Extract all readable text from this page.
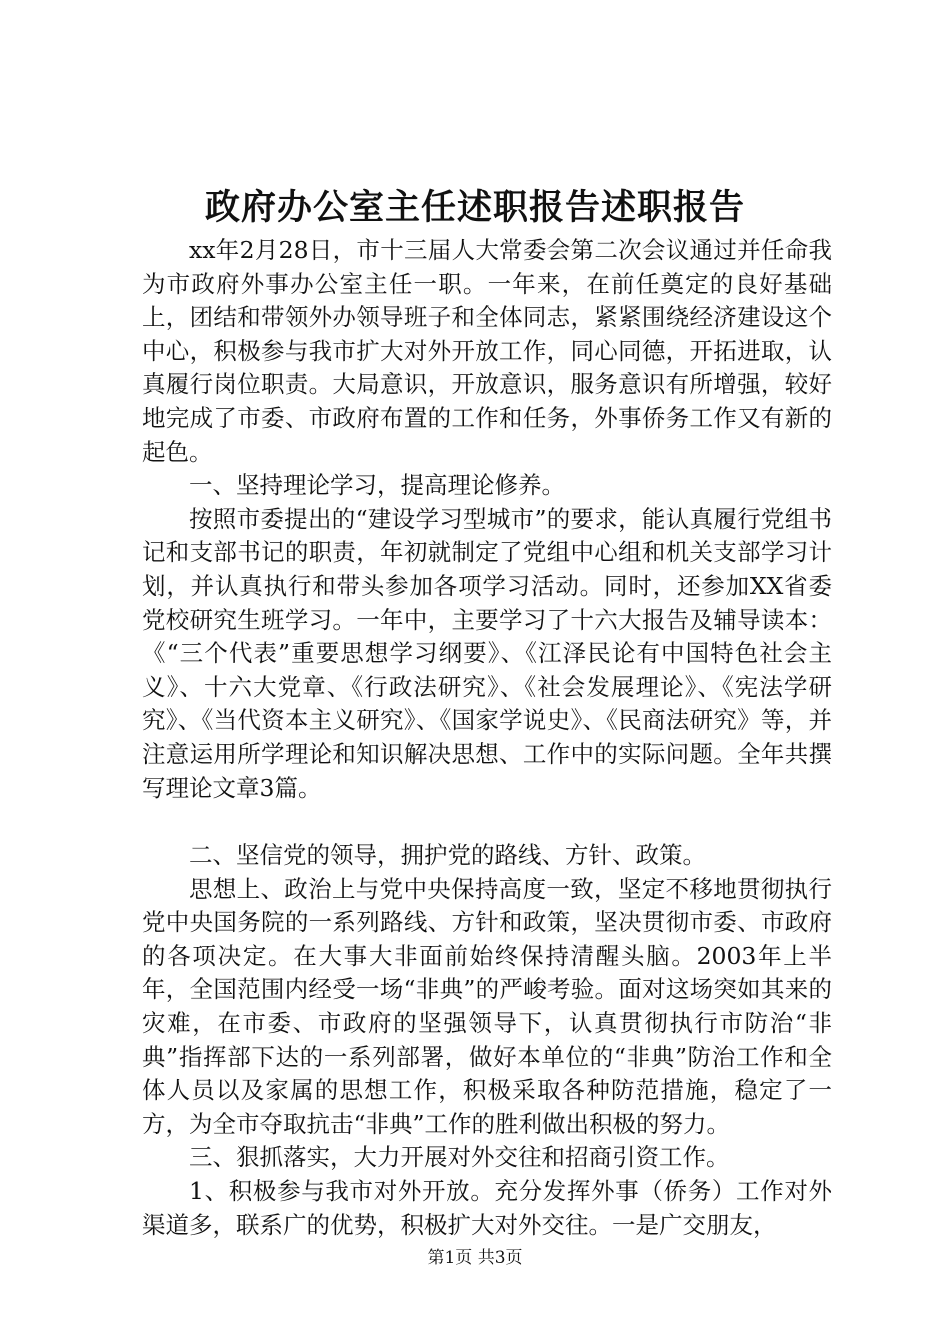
政府办公室主任述职报告述职报告

xx年2月28日，市十三届人大常委会第二次会议通过并任命我为市政府外事办公室主任一职。一年来，在前任奠定的良好基础上，团结和带领外办领导班子和全体同志，紧紧围绕经济建设这个中心，积极参与我市扩大对外开放工作，同心同德，开拓进取，认真履行岗位职责。大局意识，开放意识，服务意识有所增强，较好地完成了市委、市政府布置的工作和任务，外事侨务工作又有新的起色。

一、坚持理论学习，提高理论修养。

按照市委提出的“建设学习型城市”的要求，能认真履行党组书记和支部书记的职责，年初就制定了党组中心组和机关支部学习计划，并认真执行和带头参加各项学习活动。同时，还参加XX省委党校研究生班学习。一年中，主要学习了十六大报告及辅导读本：《“三个代表”重要思想学习纲要》、《江泽民论有中国特色社会主义》、十六大党章、《行政法研究》、《社会发展理论》、《宪法学研究》、《当代资本主义研究》、《国家学说史》、《民商法研究》等，并注意运用所学理论和知识解决思想、工作中的实际问题。全年共撰写理论文章3篇。

二、坚信党的领导，拥护党的路线、方针、政策。

思想上、政治上与党中央保持高度一致，坚定不移地贯彻执行党中央国务院的一系列路线、方针和政策，坚决贯彻市委、市政府的各项决定。在大事大非面前始终保持清醒头脑。2003年上半年，全国范围内经受一场“非典”的严峻考验。面对这场突如其来的灾难，在市委、市政府的坚强领导下，认真贯彻执行市防治“非典”指挥部下达的一系列部署，做好本单位的“非典”防治工作和全体人员以及家属的思想工作，积极采取各种防范措施，稳定了一方，为全市夺取抗击“非典”工作的胜利做出积极的努力。

三、狠抓落实，大力开展对外交往和招商引资工作。

1、积极参与我市对外开放。充分发挥外事（侨务）工作对外渠道多，联系广的优势，积极扩大对外交往。一是广交朋友，

第1页 共3页
